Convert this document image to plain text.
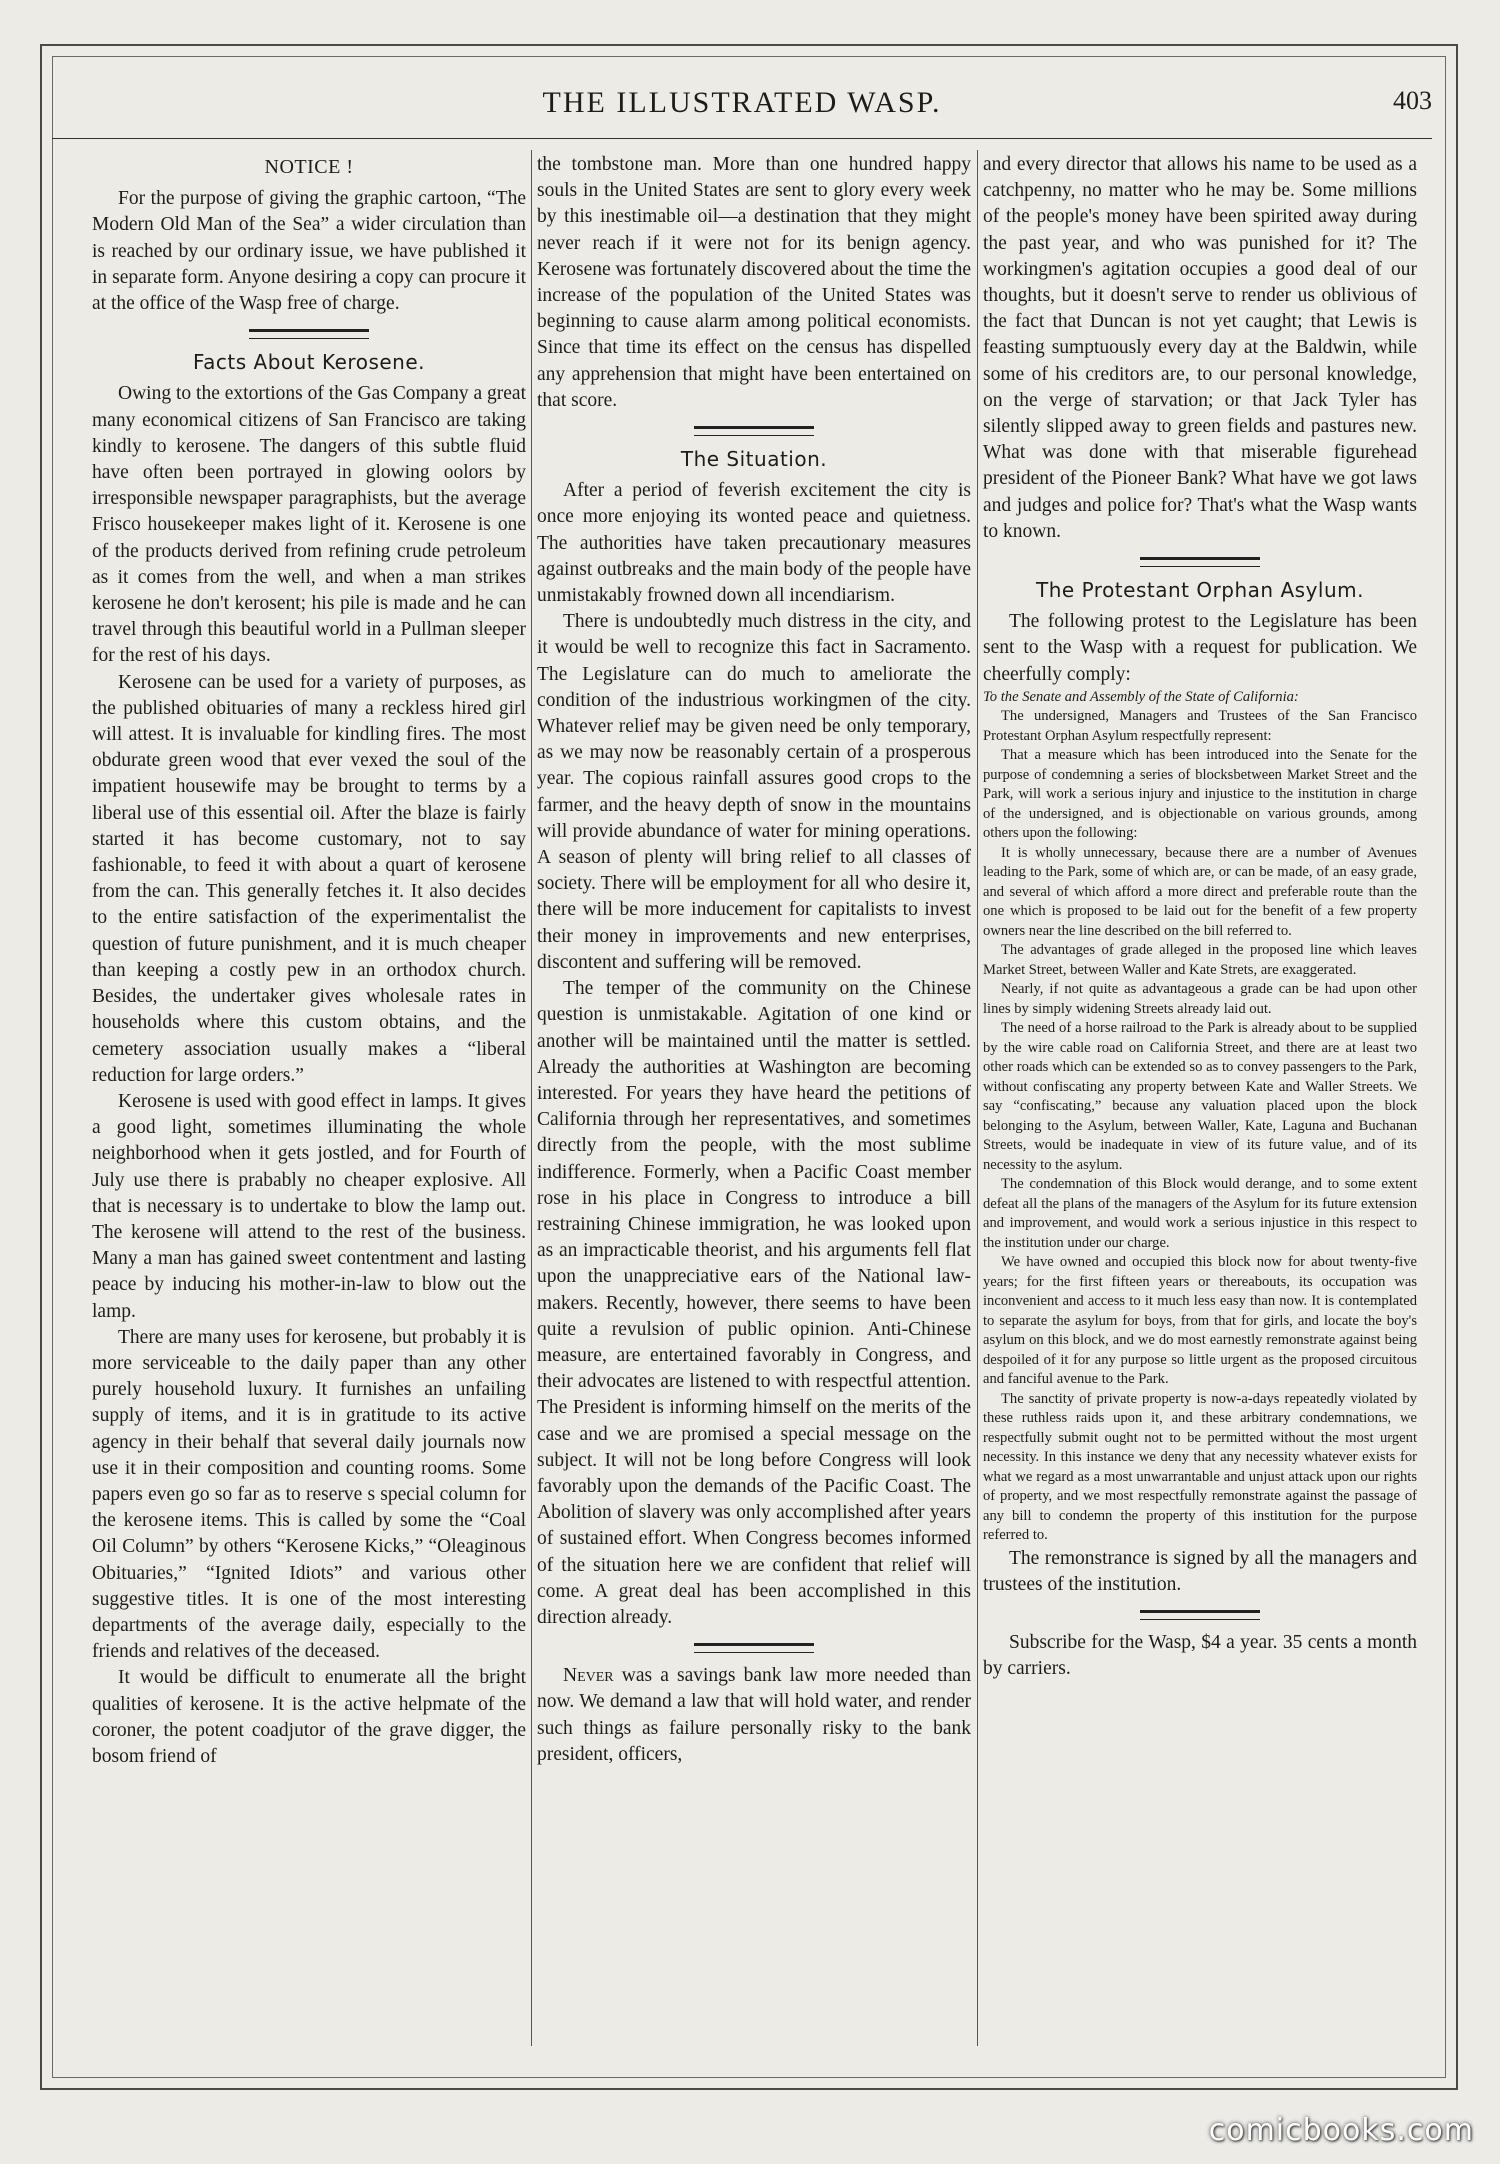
THE ILLUSTRATED WASP.	403
NOTICE !

For the purpose of giving the graphic cartoon, “The Modern Old Man of the Sea” a wider circulation than is reached by our ordinary issue, we have published it in separate form. Anyone desiring a copy can procure it at the office of the Wasp free of charge.

Facts About Kerosene.

Owing to the extortions of the Gas Company a great many economical citizens of San Francisco are taking kindly to kerosene. The dangers of this subtle fluid have often been portrayed in glowing oolors by irresponsible newspaper paragraphists, but the average Frisco housekeeper makes light of it. Kerosene is one of the products derived from refining crude petroleum as it comes from the well, and when a man strikes kerosene he don't kerosent; his pile is made and he can travel through this beautiful world in a Pullman sleeper for the rest of his days.

Kerosene can be used for a variety of purposes, as the published obituaries of many a reckless hired girl will attest. It is invaluable for kindling fires. The most obdurate green wood that ever vexed the soul of the impatient housewife may be brought to terms by a liberal use of this essential oil. After the blaze is fairly started it has become customary, not to say fashionable, to feed it with about a quart of kerosene from the can. This generally fetches it. It also decides to the entire satisfaction of the experimentalist the question of future punishment, and it is much cheaper than keeping a costly pew in an orthodox church. Besides, the undertaker gives wholesale rates in households where this custom obtains, and the cemetery association usually makes a “liberal reduction for large orders.”

Kerosene is used with good effect in lamps. It gives a good light, sometimes illuminating the whole neighborhood when it gets jostled, and for Fourth of July use there is prabably no cheaper explosive. All that is necessary is to undertake to blow the lamp out. The kerosene will attend to the rest of the business. Many a man has gained sweet contentment and lasting peace by inducing his mother-in-law to blow out the lamp.

There are many uses for kerosene, but probably it is more serviceable to the daily paper than any other purely household luxury. It furnishes an unfailing supply of items, and it is in gratitude to its active agency in their behalf that several daily journals now use it in their composition and counting rooms. Some papers even go so far as to reserve s special column for the kerosene items. This is called by some the “Coal Oil Column” by others “Kerosene Kicks,” “Oleaginous Obituaries,” “Ignited Idiots” and various other suggestive titles. It is one of the most interesting departments of the average daily, especially to the friends and relatives of the deceased.

It would be difficult to enumerate all the bright qualities of kerosene. It is the active helpmate of the coroner, the potent coadjutor of the grave digger, the bosom friend of

the tombstone man. More than one hundred happy souls in the United States are sent to glory every week by this inestimable oil—a destination that they might never reach if it were not for its benign agency. Kerosene was fortunately discovered about the time the increase of the population of the United States was beginning to cause alarm among political economists. Since that time its effect on the census has dispelled any apprehension that might have been entertained on that score.

The Situation.

After a period of feverish excitement the city is once more enjoying its wonted peace and quietness. The authorities have taken precautionary measures against outbreaks and the main body of the people have unmistakably frowned down all incendiarism.

There is undoubtedly much distress in the city, and it would be well to recognize this fact in Sacramento. The Legislature can do much to ameliorate the condition of the industrious workingmen of the city. Whatever relief may be given need be only temporary, as we may now be reasonably certain of a prosperous year. The copious rainfall assures good crops to the farmer, and the heavy depth of snow in the mountains will provide abundance of water for mining operations. A season of plenty will bring relief to all classes of society. There will be employment for all who desire it, there will be more inducement for capitalists to invest their money in improvements and new enterprises, discontent and suffering will be removed.

The temper of the community on the Chinese question is unmistakable. Agitation of one kind or another will be maintained until the matter is settled. Already the authorities at Washington are becoming interested. For years they have heard the petitions of California through her representatives, and sometimes directly from the people, with the most sublime indifference. Formerly, when a Pacific Coast member rose in his place in Congress to introduce a bill restraining Chinese immigration, he was looked upon as an impracticable theorist, and his arguments fell flat upon the unappreciative ears of the National law-makers. Recently, however, there seems to have been quite a revulsion of public opinion. Anti-Chinese measure, are entertained favorably in Congress, and their advocates are listened to with respectful attention. The President is informing himself on the merits of the case and we are promised a special message on the subject. It will not be long before Congress will look favorably upon the demands of the Pacific Coast. The Abolition of slavery was only accomplished after years of sustained effort. When Congress becomes informed of the situation here we are confident that relief will come. A great deal has been accomplished in this direction already.

Never was a savings bank law more needed than now. We demand a law that will hold water, and render such things as failure personally risky to the bank president, officers,

and every director that allows his name to be used as a catchpenny, no matter who he may be. Some millions of the people's money have been spirited away during the past year, and who was punished for it? The workingmen's agitation occupies a good deal of our thoughts, but it doesn't serve to render us oblivious of the fact that Duncan is not yet caught; that Lewis is feasting sumptuously every day at the Baldwin, while some of his creditors are, to our personal knowledge, on the verge of starvation; or that Jack Tyler has silently slipped away to green fields and pastures new. What was done with that miserable figurehead president of the Pioneer Bank? What have we got laws and judges and police for? That's what the Wasp wants to known.

The Protestant Orphan Asylum.

The following protest to the Legislature has been sent to the Wasp with a request for publication. We cheerfully comply:

To the Senate and Assembly of the State of California:

The undersigned, Managers and Trustees of the San Francisco Protestant Orphan Asylum respectfully represent:

That a measure which has been introduced into the Senate for the purpose of condemning a series of blocksbetween Market Street and the Park, will work a serious injury and injustice to the institution in charge of the undersigned, and is objectionable on various grounds, among others upon the following:

It is wholly unnecessary, because there are a number of Avenues leading to the Park, some of which are, or can be made, of an easy grade, and several of which afford a more direct and preferable route than the one which is proposed to be laid out for the benefit of a few property owners near the line described on the bill referred to.

The advantages of grade alleged in the proposed line which leaves Market Street, between Waller and Kate Strets, are exaggerated.

Nearly, if not quite as advantageous a grade can be had upon other lines by simply widening Streets already laid out.

The need of a horse railroad to the Park is already about to be supplied by the wire cable road on California Street, and there are at least two other roads which can be extended so as to convey passengers to the Park, without confiscating any property between Kate and Waller Streets. We say “confiscating,” because any valuation placed upon the block belonging to the Asylum, between Waller, Kate, Laguna and Buchanan Streets, would be inadequate in view of its future value, and of its necessity to the asylum.

The condemnation of this Block would derange, and to some extent defeat all the plans of the managers of the Asylum for its future extension and improvement, and would work a serious injustice in this respect to the institution under our charge.

We have owned and occupied this block now for about twenty-five years; for the first fifteen years or thereabouts, its occupation was inconvenient and access to it much less easy than now. It is contemplated to separate the asylum for boys, from that for girls, and locate the boy's asylum on this block, and we do most earnestly remonstrate against being despoiled of it for any purpose so little urgent as the proposed circuitous and fanciful avenue to the Park.

The sanctity of private property is now-a-days repeatedly violated by these ruthless raids upon it, and these arbitrary condemnations, we respectfully submit ought not to be permitted without the most urgent necessity. In this instance we deny that any necessity whatever exists for what we regard as a most unwarrantable and unjust attack upon our rights of property, and we most respectfully remonstrate against the passage of any bill to condemn the property of this institution for the purpose referred to.

The remonstrance is signed by all the managers and trustees of the institution.

Subscribe for the Wasp, $4 a year. 35 cents a month by carriers.

comicbooks.com
